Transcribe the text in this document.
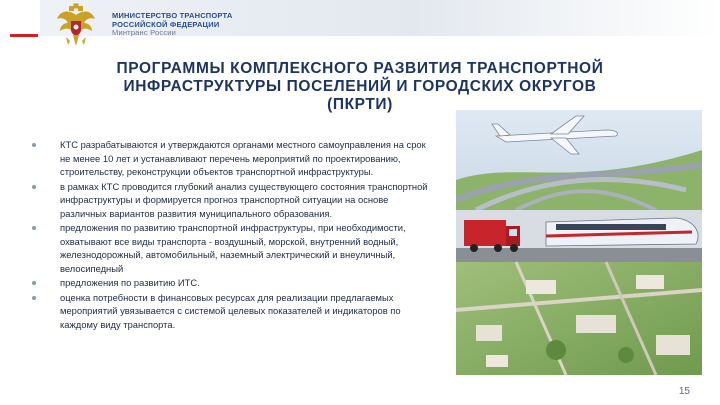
МИНИСТЕРСТВО ТРАНСПОРТА
РОССИЙСКОЙ ФЕДЕРАЦИИ
Минтранс России
ПРОГРАММЫ КОМПЛЕКСНОГО РАЗВИТИЯ ТРАНСПОРТНОЙ
ИНФРАСТРУКТУРЫ ПОСЕЛЕНИЙ И ГОРОДСКИХ ОКРУГОВ
(ПКРТИ)
КТС разрабатываются и утверждаются органами местного самоуправления на срок не менее 10 лет и устанавливают перечень мероприятий по проектированию, строительству, реконструкции объектов транспортной инфраструктуры.
в рамках КТС проводится глубокий анализ существующего состояния транспортной инфраструктуры и формируется прогноз транспортной ситуации на основе различных вариантов развития муниципального образования.
предложения по развитию транспортной инфраструктуры, при необходимости, охватывают все виды транспорта - воздушный, морской, внутренний водный, железнодорожный, автомобильный, наземный электрический и внеуличный, велосипедный
предложения по развитию ИТС.
оценка потребности в финансовых ресурсах для реализации предлагаемых мероприятий увязывается с системой целевых показателей и индикаторов по каждому виду транспорта.
15
